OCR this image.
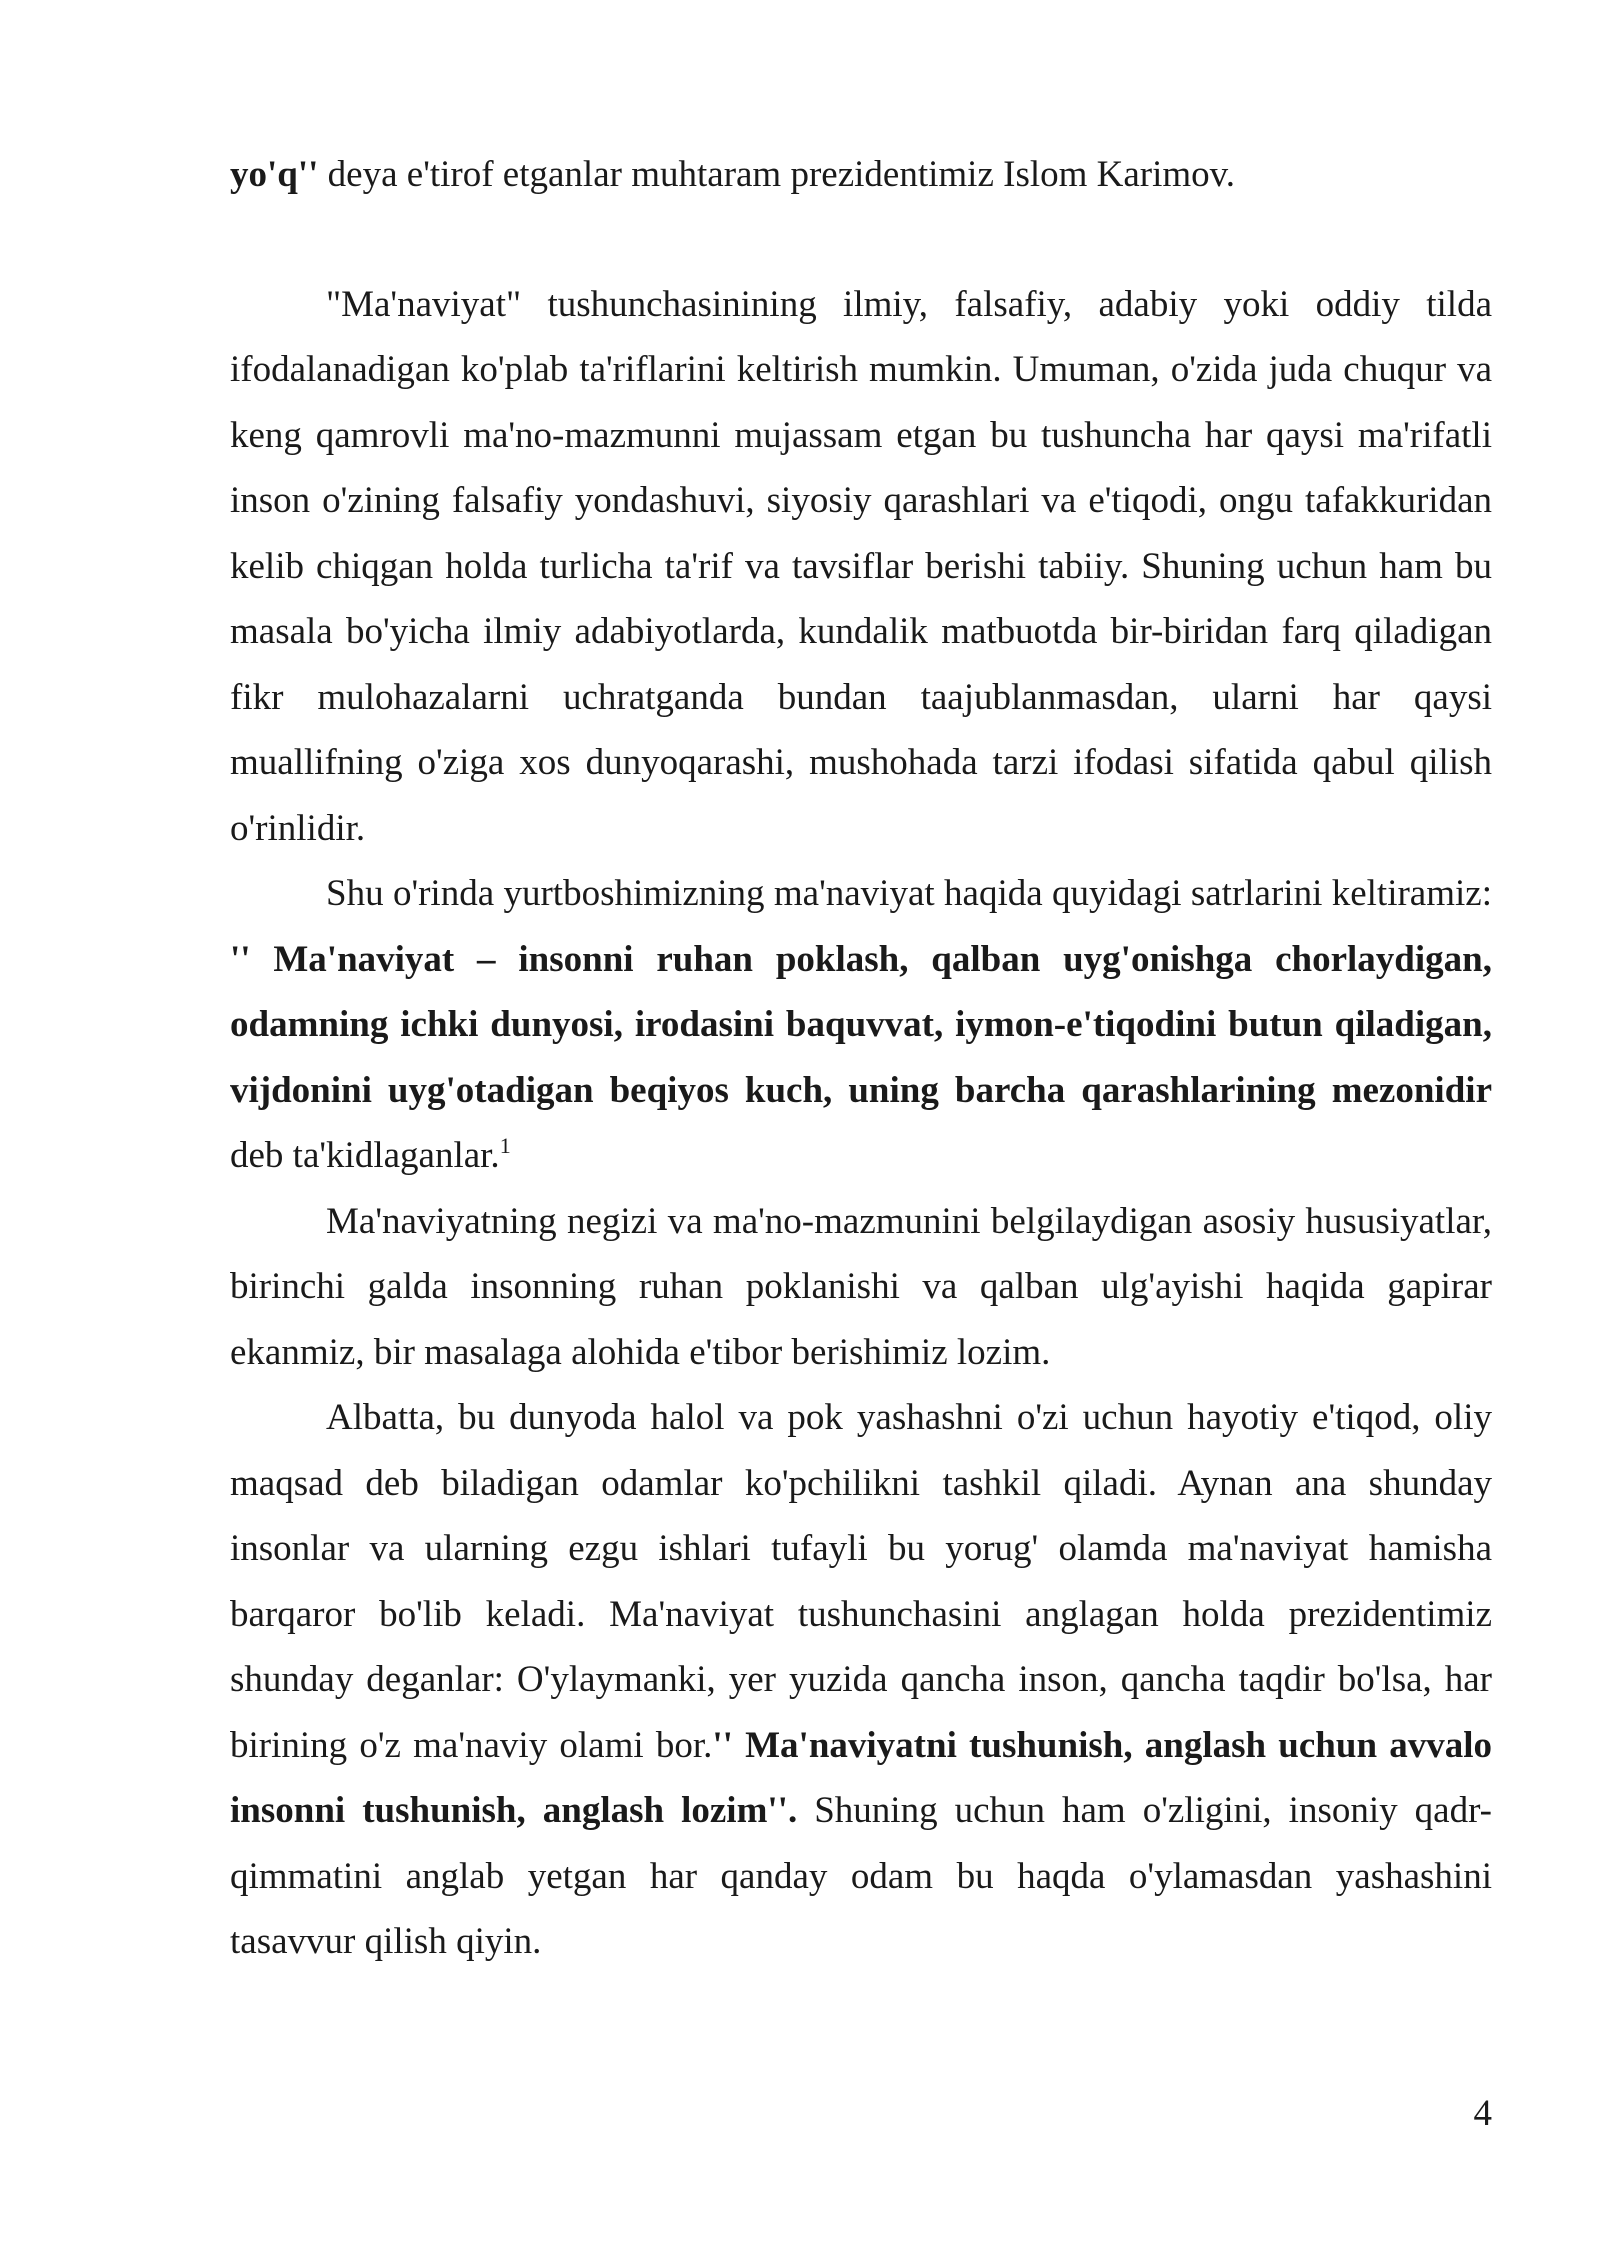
yo'q'' deya e'tirof etganlar muhtaram prezidentimiz Islom Karimov.

"Ma'naviyat" tushunchasinining ilmiy, falsafiy, adabiy yoki oddiy tilda ifodalanadigan ko'plab ta'riflarini keltirish mumkin. Umuman, o'zida juda chuqur va keng qamrovli ma'no-mazmunni mujassam etgan bu tushuncha har qaysi ma'rifatli inson o'zining falsafiy yondashuvi, siyosiy qarashlari va e'tiqodi, ongu tafakkuridan kelib chiqgan holda turlicha ta'rif va tavsiflar berishi tabiiy. Shuning uchun ham bu masala bo'yicha ilmiy adabiyotlarda, kundalik matbuotda bir-biridan farq qiladigan fikr mulohazalarni uchratganda bundan taajublanmasdan, ularni har qaysi muallifning o'ziga xos dunyoqarashi, mushohada tarzi ifodasi sifatida qabul qilish o'rinlidir.

Shu o'rinda yurtboshimizning ma'naviyat haqida quyidagi satrlarini keltiramiz: '' Ma'naviyat – insonni ruhan poklash, qalban uyg'onishga chorlaydigan, odamning ichki dunyosi, irodasini baquvvat, iymon-e'tiqodini butun qiladigan, vijdonini uyg'otadigan beqiyos kuch, uning barcha qarashlarining mezonidir deb ta'kidlaganlar.$^1$

Ma'naviyatning negizi va ma'no-mazmunini belgilaydigan asosiy hususiyatlar, birinchi galda insonning ruhan poklanishi va qalban ulg'ayishi haqida gapirar ekanmiz, bir masalaga alohida e'tibor berishimiz lozim.

Albatta, bu dunyoda halol va pok yashashni o'zi uchun hayotiy e'tiqod, oliy maqsad deb biladigan odamlar ko'pchilikni tashkil qiladi. Aynan ana shunday insonlar va ularning ezgu ishlari tufayli bu yorug' olamda ma'naviyat hamisha barqaror bo'lib keladi. Ma'naviyat tushunchasini anglagan holda prezidentimiz shunday deganlar: O'ylaymanki, yer yuzida qancha inson, qancha taqdir bo'lsa, har birining o'z ma'naviy olami bor.'' Ma'naviyatni tushunish, anglash uchun avvalo insonni tushunish, anglash lozim''. Shuning uchun ham o'zligini, insoniy qadr-qimmatini anglab yetgan har qanday odam bu haqda o'ylamasdan yashashini tasavvur qilish qiyin.

4
